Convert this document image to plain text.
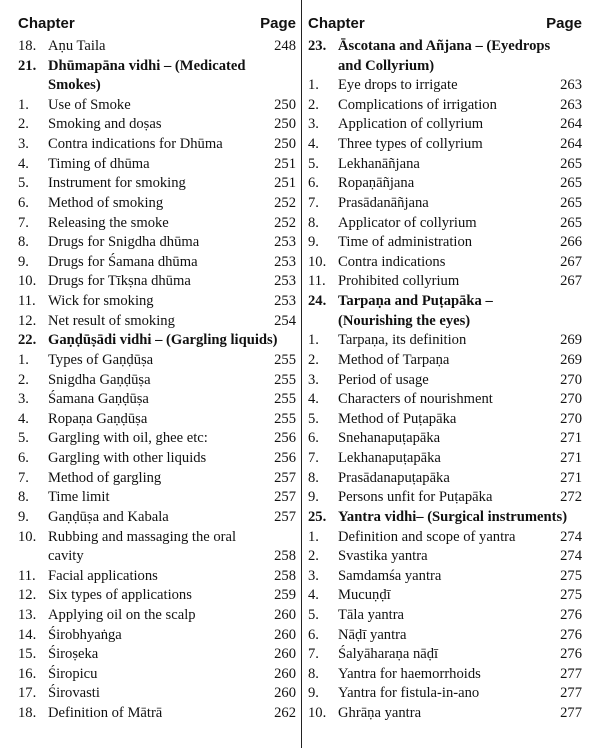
Chapter	Page
18. Aṇu Taila	248
21. Dhūmapāna vidhi – (Medicated
Smokes)
1. Use of Smoke	250
2. Smoking and doṣas	250
3. Contra indications for Dhūma	250
4. Timing of dhūma	251
5. Instrument for smoking	251
6. Method of smoking	252
7. Releasing the smoke	252
8. Drugs for Snigdha dhūma	253
9. Drugs for Śamana dhūma	253
10. Drugs for Tīkṣna dhūma	253
11. Wick for smoking	253
12. Net result of smoking	254
22. Gaṇḍūṣādi vidhi – (Gargling liquids)
1. Types of Gaṇḍūṣa	255
2. Snigdha Gaṇḍūṣa	255
3. Śamana Gaṇḍūṣa	255
4. Ropaṇa Gaṇḍūṣa	255
5. Gargling with oil, ghee etc:	256
6. Gargling with other liquids	256
7. Method of gargling	257
8. Time limit	257
9. Gaṇḍūṣa and Kabala	257
10. Rubbing and massaging the oral
cavity	258
11. Facial applications	258
12. Six types of applications	259
13. Applying oil on the scalp	260
14. Śirobhyaṅga	260
15. Śiroṣeka	260
16. Śiropicu	260
17. Śirovasti	260
18. Definition of Mātrā	262
Chapter	Page
23. Āscotana and Añjana – (Eyedrops
and Collyrium)
1. Eye drops to irrigate	263
2. Complications of irrigation	263
3. Application of collyrium	264
4. Three types of collyrium	264
5. Lekhanāñjana	265
6. Ropaṇāñjana	265
7. Prasādanāñjana	265
8. Applicator of collyrium	265
9. Time of administration	266
10. Contra indications	267
11. Prohibited collyrium	267
24. Tarpaṇa and Puṭapāka –
(Nourishing the eyes)
1. Tarpaṇa, its definition	269
2. Method of Tarpaṇa	269
3. Period of usage	270
4. Characters of nourishment	270
5. Method of Puṭapāka	270
6. Snehanapuṭapāka	271
7. Lekhanapuṭapāka	271
8. Prasādanapuṭapāka	271
9. Persons unfit for Puṭapāka	272
25. Yantra vidhi– (Surgical instruments)
1. Definition and scope of yantra	274
2. Svastika yantra	274
3. Samdamśa yantra	275
4. Mucuṇḍī	275
5. Tāla yantra	276
6. Nāḍī yantra	276
7. Śalyāharaṇa nāḍī	276
8. Yantra for haemorrhoids	277
9. Yantra for fistula-in-ano	277
10. Ghrāṇa yantra	277
